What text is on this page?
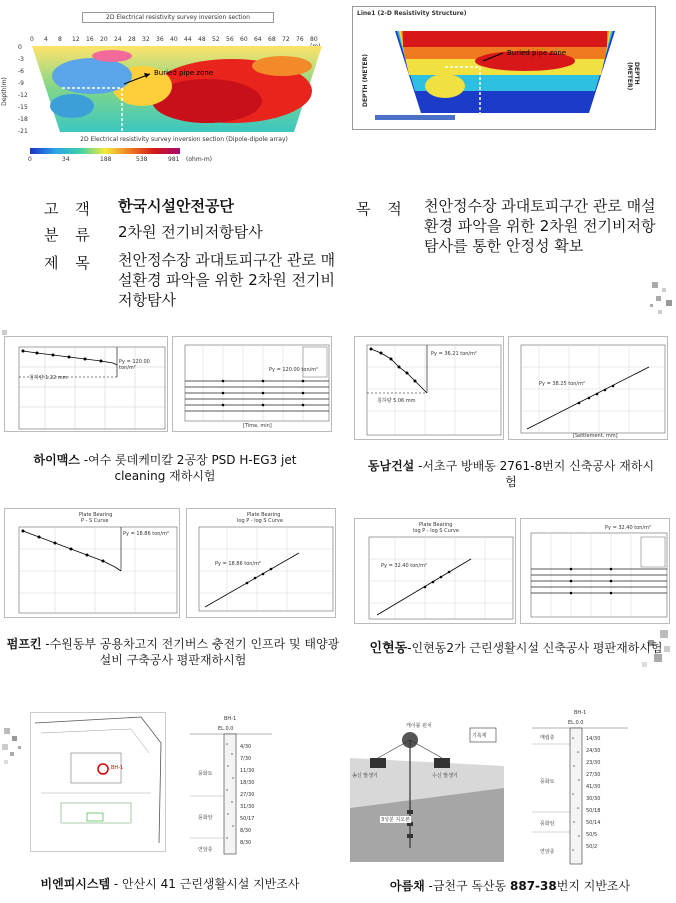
2D Electrical resistivity survey inversion section
0 4 8 12 16 20 24 28 32 36 40 44 48 52 56 60 64 68 72 76 80
Depth(m)
0
-3
-6
-9
-12
-15
-18
-21
Buried pipe zone
2D Electrical resistivity survey inversion section (Dipole-dipole array)
0	34	188	538	981 (ohm-m)
Line1 (2-D Resistivity Structure)
DEPTH (METER)	DEPTH (METER)
Buried pipe zone
고 객 한국시설안전공단
분 류 2차원 전기비저항탐사
제 목 천안정수장 과대토피구간 관로 매설환경 파악을 위한 2차원 전기비저항탐사
목 적 천안정수장 과대토피구간 관로 매설환경 파악을 위한 2차원 전기비저항탐사를 통한 안정성 확보
Py = 120.00 ton/m²
침하량 1.22 mm
Py = 120.00 ton/m²
[Time, min]
Py = 36.21 ton/m²
침하량 5.06 mm
Py = 38.25 ton/m²
[Settlement, mm]
하이맥스 -여수 롯데케미칼 2공장 PSD H-EG3 jet cleaning 재하시험
동남건설 -서초구 방배동 2761-8번지 신축공사 재하시험
Plate Bearing
P - S Curve
Py = 18.86 ton/m²
Plate Bearing
log P - log S Curve
Py = 18.86 ton/m²
Plate Bearing
log P - log S Curve
Py = 32.40 ton/m²
Py = 32.40 ton/m²
펌프킨 -수원동부 공용차고지 전기버스 충전기 인프라 및 태양광설비 구축공사 평판재하시험
인현동-인현동2가 근린생활시설 신축공사 평판재하시험
BH-1
BH-1
EL.0.0
풍화토
풍화암
연암층
4/30
7/30
11/30
18/30
27/30
31/30
50/17
8/30
8/30
케이블 윈치
기록계
송신 발생기	수신 발생기
3성분 지오폰
BH-1
EL.0.0
매립층
풍화토
풍화암
연암층
14/30
24/30
23/30
27/30
41/30
30/30
50/18
50/14
50/5
50/2
비엔피시스템 - 안산시 41 근린생활시설 지반조사	아름채 -금천구 독산동 887-38번지 지반조사
